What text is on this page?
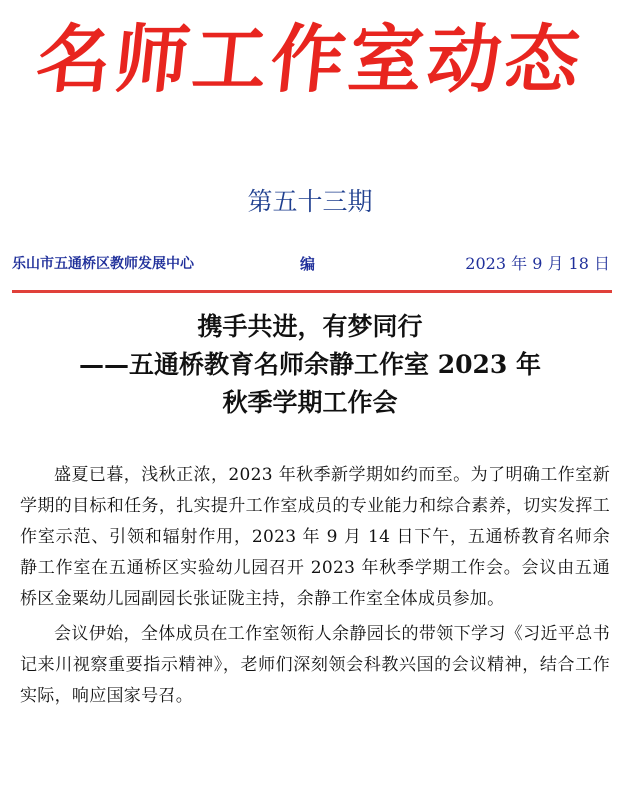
名师工作室动态
第五十三期
乐山市五通桥区教师发展中心	编	2023 年 9 月 18 日
携手共进，有梦同行
——五通桥教育名师余静工作室 2023 年
秋季学期工作会

盛夏已暮，浅秋正浓，2023 年秋季新学期如约而至。为了明确工作室新学期的目标和任务，扎实提升工作室成员的专业能力和综合素养，切实发挥工作室示范、引领和辐射作用，2023 年 9 月 14 日下午，五通桥教育名师余静工作室在五通桥区实验幼儿园召开 2023 年秋季学期工作会。会议由五通桥区金粟幼儿园副园长张证陇主持，余静工作室全体成员参加。

会议伊始，全体成员在工作室领衔人余静园长的带领下学习《习近平总书记来川视察重要指示精神》，老师们深刻领会科教兴国的会议精神，结合工作实际，响应国家号召。
